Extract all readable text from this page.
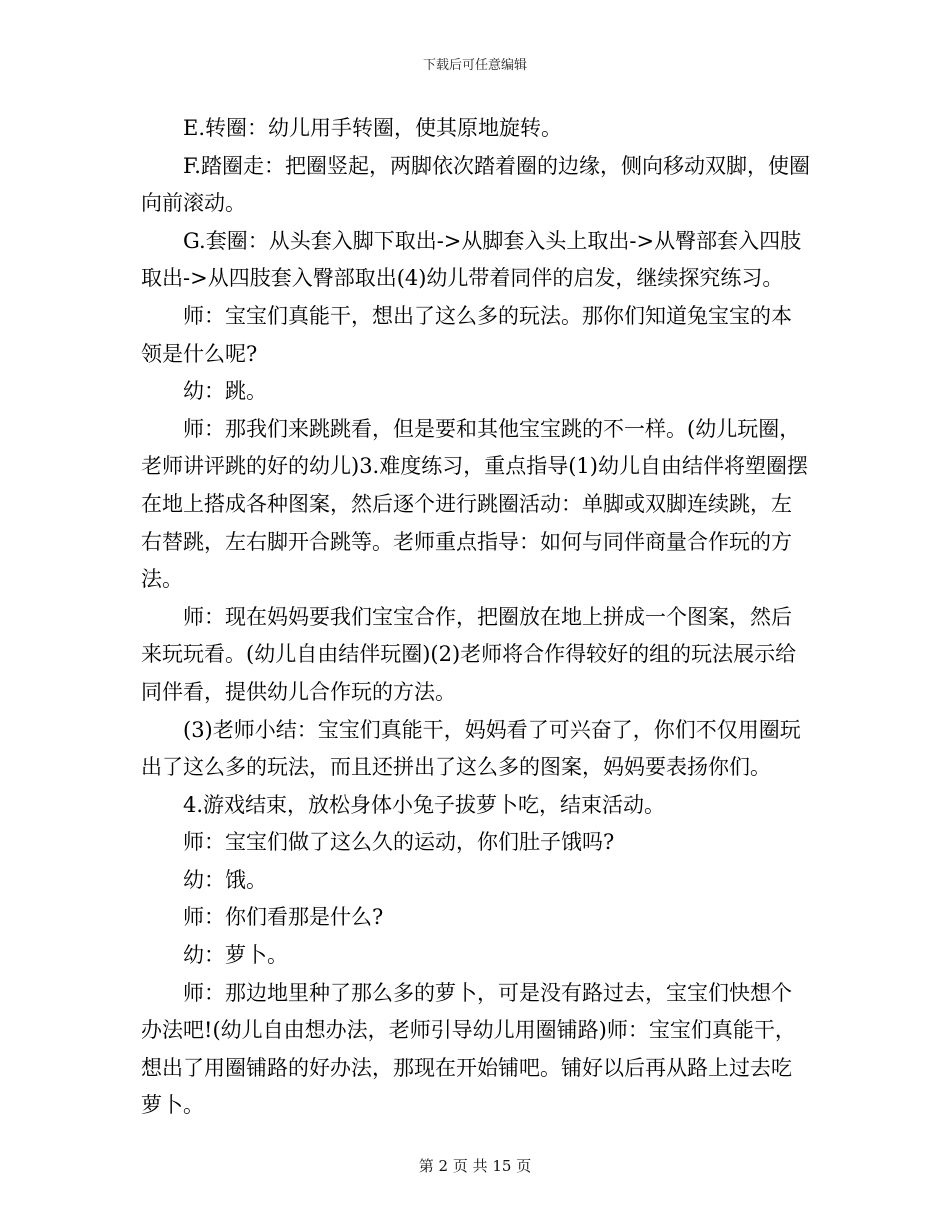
下载后可任意编辑

E.转圈：幼儿用手转圈，使其原地旋转。

F.踏圈走：把圈竖起，两脚依次踏着圈的边缘，侧向移动双脚，使圈向前滚动。

G.套圈：从头套入脚下取出->从脚套入头上取出->从臀部套入四肢取出->从四肢套入臀部取出(4)幼儿带着同伴的启发，继续探究练习。

师：宝宝们真能干，想出了这么多的玩法。那你们知道兔宝宝的本领是什么呢?

幼：跳。

师：那我们来跳跳看，但是要和其他宝宝跳的不一样。(幼儿玩圈，老师讲评跳的好的幼儿)3.难度练习，重点指导(1)幼儿自由结伴将塑圈摆在地上搭成各种图案，然后逐个进行跳圈活动：单脚或双脚连续跳，左右替跳，左右脚开合跳等。老师重点指导：如何与同伴商量合作玩的方法。

师：现在妈妈要我们宝宝合作，把圈放在地上拼成一个图案，然后来玩玩看。(幼儿自由结伴玩圈)(2)老师将合作得较好的组的玩法展示给同伴看，提供幼儿合作玩的方法。

(3)老师小结：宝宝们真能干，妈妈看了可兴奋了，你们不仅用圈玩出了这么多的玩法，而且还拼出了这么多的图案，妈妈要表扬你们。

4.游戏结束，放松身体小兔子拔萝卜吃，结束活动。

师：宝宝们做了这么久的运动，你们肚子饿吗?

幼：饿。

师：你们看那是什么?

幼：萝卜。

师：那边地里种了那么多的萝卜，可是没有路过去，宝宝们快想个办法吧!(幼儿自由想办法，老师引导幼儿用圈铺路)师：宝宝们真能干，想出了用圈铺路的好办法，那现在开始铺吧。铺好以后再从路上过去吃萝卜。

第 2 页 共 15 页
